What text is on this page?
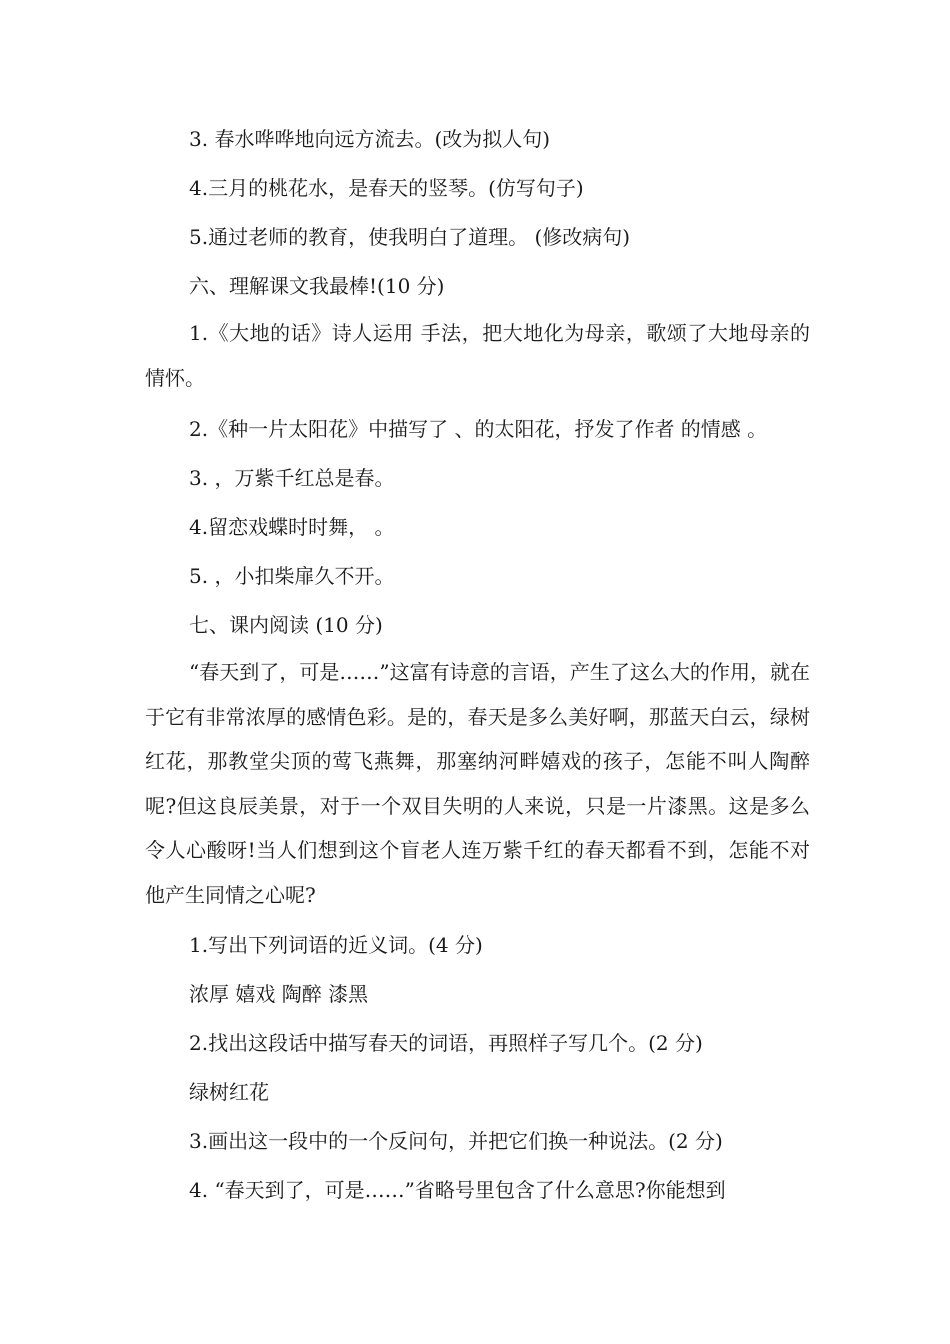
3. 春水哗哗地向远方流去。(改为拟人句)
4.三月的桃花水，是春天的竖琴。(仿写句子)
5.通过老师的教育，使我明白了道理。 (修改病句)
六、理解课文我最棒!(10 分)

1.《大地的话》诗人运用 手法，把大地化为母亲，歌颂了大地母亲的 情怀。

2.《种一片太阳花》中描写了 、的太阳花，抒发了作者 的情感 。
3. ，万紫千红总是春。
4.留恋戏蝶时时舞， 。
5. ，小扣柴扉久不开。
七、课内阅读 (10 分)

“春天到了，可是……”这富有诗意的言语，产生了这么大的作用，就在于它有非常浓厚的感情色彩。是的，春天是多么美好啊，那蓝天白云，绿树红花，那教堂尖顶的莺飞燕舞，那塞纳河畔嬉戏的孩子，怎能不叫人陶醉呢?但这良辰美景，对于一个双目失明的人来说，只是一片漆黑。这是多么令人心酸呀!当人们想到这个盲老人连万紫千红的春天都看不到，怎能不对他产生同情之心呢?

1.写出下列词语的近义词。(4 分)
浓厚 嬉戏 陶醉 漆黑
2.找出这段话中描写春天的词语，再照样子写几个。(2 分)
绿树红花
3.画出这一段中的一个反问句，并把它们换一种说法。(2 分)
4. “春天到了，可是……”省略号里包含了什么意思?你能想到
